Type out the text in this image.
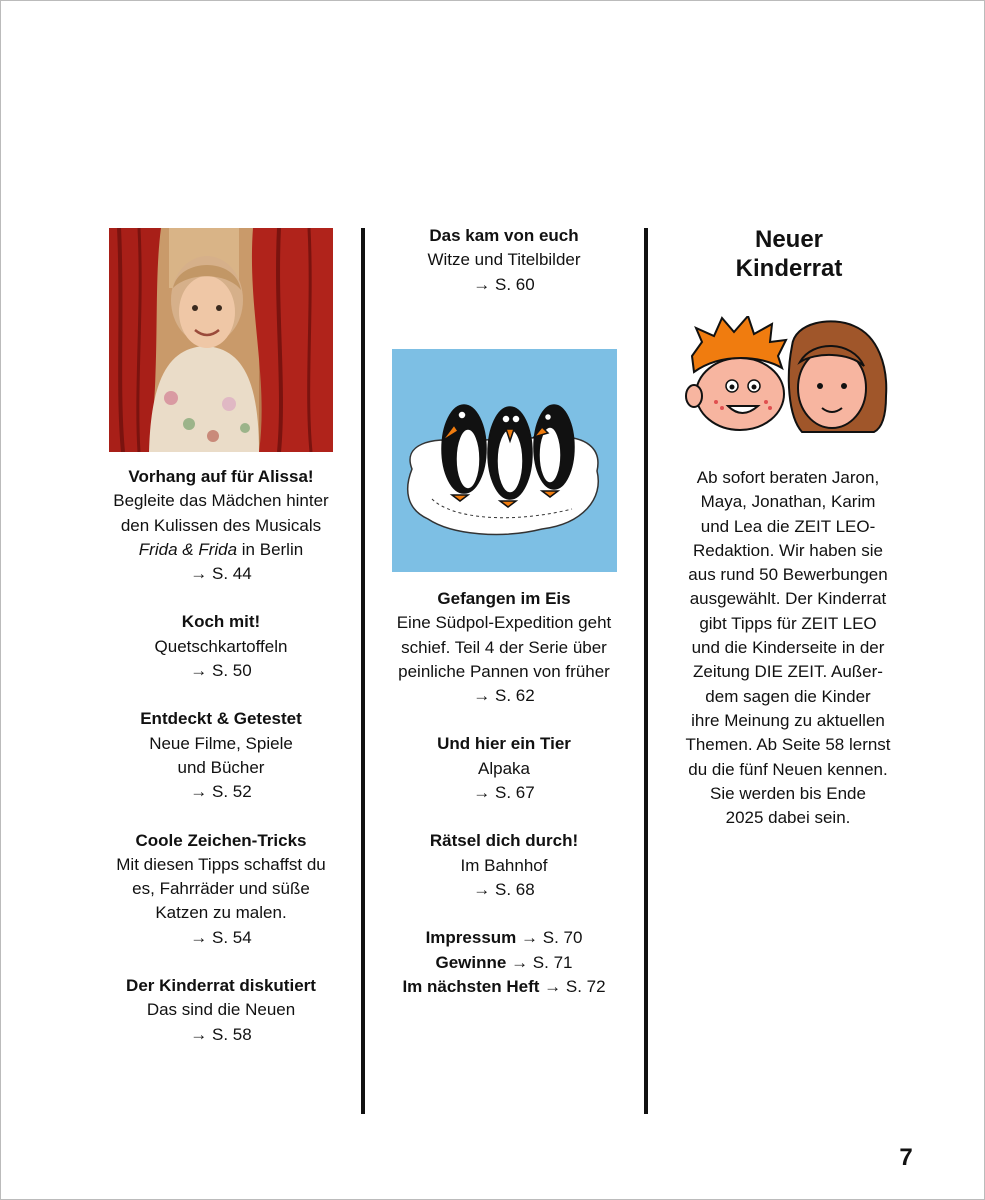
Vorhang auf für Alissa!

Begleite das Mädchen hinter

den Kulissen des Musicals

Frida & Frida in Berlin

→ S. 44

Koch mit!

Quetschkartoffeln

→ S. 50

Entdeckt & Getestet

Neue Filme, Spiele

und Bücher

→ S. 52

Coole Zeichen-Tricks

Mit diesen Tipps schaffst du

es, Fahrräder und süße

Katzen zu malen.

→ S. 54

Der Kinderrat diskutiert

Das sind die Neuen

→ S. 58

Das kam von euch

Witze und Titelbilder

→ S. 60

Gefangen im Eis

Eine Südpol-Expedition geht

schief. Teil 4 der Serie über

peinliche Pannen von früher

→ S. 62

Und hier ein Tier

Alpaka

→ S. 67

Rätsel dich durch!

Im Bahnhof

→ S. 68

Impressum → S. 70

Gewinne → S. 71

Im nächsten Heft → S. 72

Neuer
Kinderrat

Ab sofort beraten Jaron,

Maya, Jonathan, Karim

und Lea die ZEIT LEO-

Redaktion. Wir haben sie

aus rund 50 Bewerbungen

ausgewählt. Der Kinderrat

gibt Tipps für ZEIT LEO

und die Kinderseite in der

Zeitung DIE ZEIT. Außer-

dem sagen die Kinder

ihre Meinung zu aktuellen

Themen. Ab Seite 58 lernst

du die fünf Neuen kennen.

Sie werden bis Ende

2025 dabei sein.

7
